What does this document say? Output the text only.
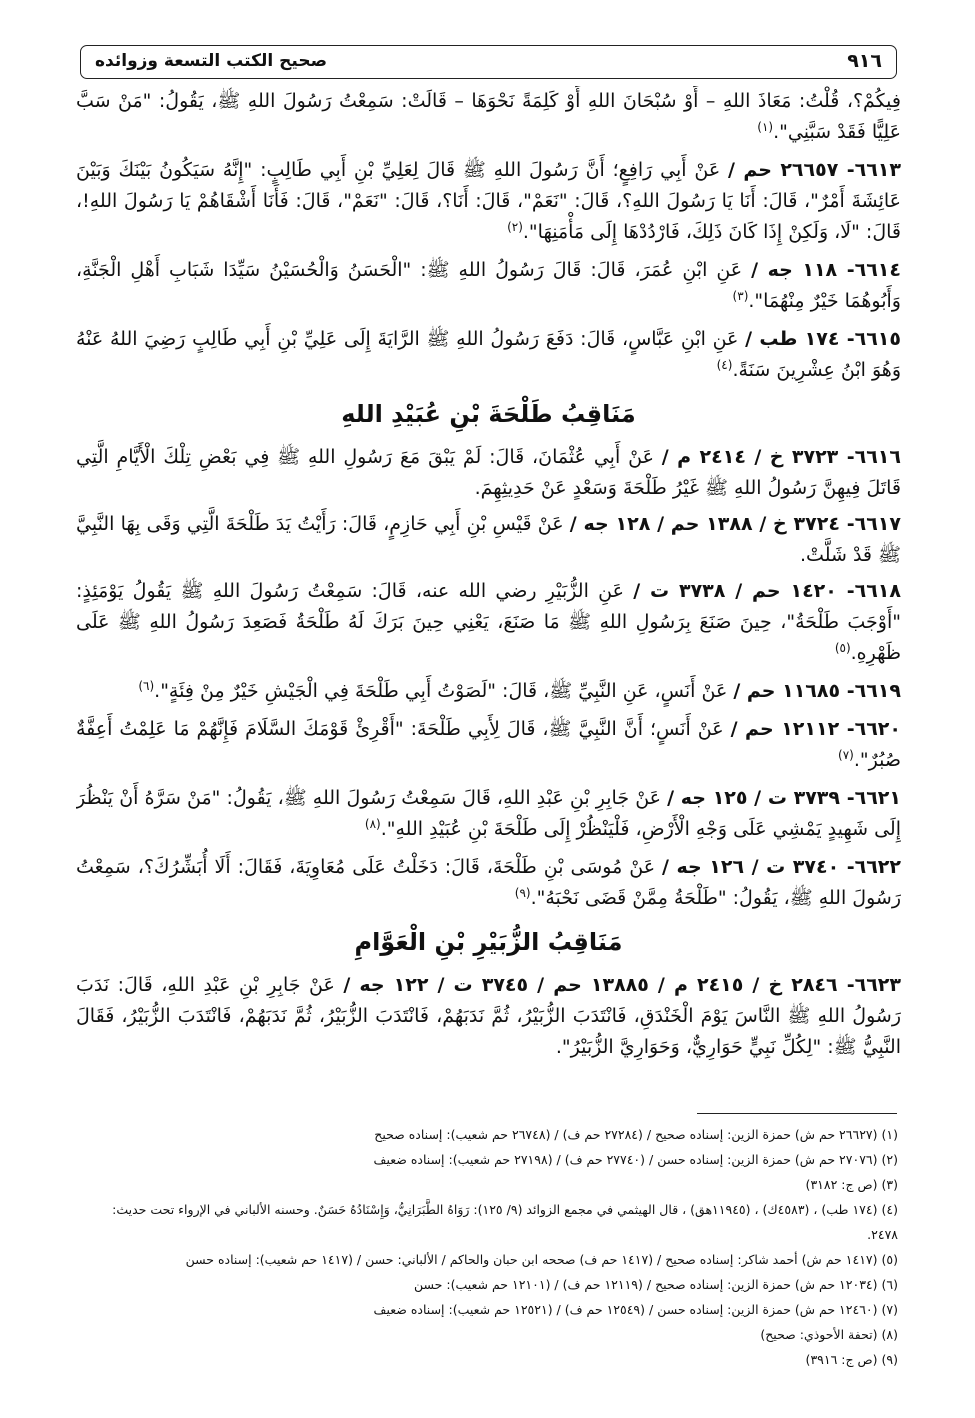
صحيح الكتب التسعة وزوائده	٩١٦

فِيكُمْ؟، قُلْتُ: مَعَاذَ اللهِ – أَوْ سُبْحَانَ اللهِ أَوْ كَلِمَةً نَحْوَهَا – قَالَتْ: سَمِعْتُ رَسُولَ اللهِ ﷺ، يَقُولُ: "مَنْ سَبَّ عَلِيًّا فَقَدْ سَبَّنِي".$^{(١)}$

٦٦١٣- ٢٦٦٥٧ حم / عَنْ أَبِي رَافِعٍ؛ أَنَّ رَسُولَ اللهِ ﷺ قَالَ لِعَلِيِّ بْنِ أَبِي طَالِبٍ: "إِنَّهُ سَيَكُونُ بَيْنَكَ وَبَيْنَ عَائِشَةَ أَمْرٌ"، قَالَ: أَنَا يَا رَسُولَ اللهِ؟، قَالَ: "نَعَمْ"، قَالَ: أَنَا؟، قَالَ: "نَعَمْ"، قَالَ: فَأَنَا أَشْقَاهُمْ يَا رَسُولَ اللهِ!، قَالَ: "لَا، وَلَكِنْ إِذَا كَانَ ذَلِكَ، فَارْدُدْهَا إِلَى مَأْمَنِهَا".$^{(٢)}$

٦٦١٤- ١١٨ جه / عَنِ ابْنِ عُمَرَ، قَالَ: قَالَ رَسُولُ اللهِ ﷺ: "الْحَسَنُ وَالْحُسَيْنُ سَيِّدَا شَبَابِ أَهْلِ الْجَنَّةِ، وَأَبُوهُمَا خَيْرٌ مِنْهُمَا".$^{(٣)}$

٦٦١٥- ١٧٤ طب / عَنِ ابْنِ عَبَّاسٍ، قَالَ: دَفَعَ رَسُولُ اللهِ ﷺ الرَّايَةَ إِلَى عَلِيِّ بْنِ أَبِي طَالِبٍ رَضِيَ اللهُ عَنْهُ وَهُوَ ابْنُ عِشْرِينَ سَنَةً.$^{(٤)}$

مَنَاقِبُ طَلْحَةَ بْنِ عُبَيْدِ اللهِ

٦٦١٦- ٣٧٢٣ خ / ٢٤١٤ م / عَنْ أَبِي عُثْمَانَ، قَالَ: لَمْ يَبْقَ مَعَ رَسُولِ اللهِ ﷺ فِي بَعْضِ تِلْكَ الْأَيَّامِ الَّتِي قَاتَلَ فِيهِنَّ رَسُولُ اللهِ ﷺ غَيْرُ طَلْحَةَ وَسَعْدٍ عَنْ حَدِيثِهِمَ.

٦٦١٧- ٣٧٢٤ خ / ١٣٨٨ حم / ١٢٨ جه / عَنْ قَيْسِ بْنِ أَبِي حَازِمٍ، قَالَ: رَأَيْتُ يَدَ طَلْحَةَ الَّتِي وَقَى بِهَا النَّبِيَّ ﷺ قَدْ شَلَّتْ.

٦٦١٨- ١٤٢٠ حم / ٣٧٣٨ ت / عَنِ الزُّبَيْرِ رضي الله عنه، قَالَ: سَمِعْتُ رَسُولَ اللهِ ﷺ يَقُولُ يَوْمَئِذٍ: "أَوْجَبَ طَلْحَةُ"، حِينَ صَنَعَ بِرَسُولِ اللهِ ﷺ مَا صَنَعَ، يَعْنِي حِينَ بَرَكَ لَهُ طَلْحَةُ فَصَعِدَ رَسُولُ اللهِ ﷺ عَلَى ظَهْرِهِ.$^{(٥)}$

٦٦١٩- ١١٦٨٥ حم / عَنْ أَنَسٍ، عَنِ النَّبِيِّ ﷺ، قَالَ: "لَصَوْتُ أَبِي طَلْحَةَ فِي الْجَيْشِ خَيْرٌ مِنْ فِئَةٍ".$^{(٦)}$

٦٦٢٠- ١٢١١٢ حم / عَنْ أَنَسٍ؛ أَنَّ النَّبِيَّ ﷺ، قَالَ لِأَبِي طَلْحَةَ: "أَقْرِئْ قَوْمَكَ السَّلَامَ فَإِنَّهُمْ مَا عَلِمْتُ أَعِفَّةٌ صُبُرٌ".$^{(٧)}$

٦٦٢١- ٣٧٣٩ ت / ١٢٥ جه / عَنْ جَابِرِ بْنِ عَبْدِ اللهِ، قَالَ سَمِعْتُ رَسُولَ اللهِ ﷺ، يَقُولُ: "مَنْ سَرَّهُ أَنْ يَنْظُرَ إِلَى شَهِيدٍ يَمْشِي عَلَى وَجْهِ الْأَرْضِ، فَلْيَنْظُرْ إِلَى طَلْحَةَ بْنِ عُبَيْدِ اللهِ".$^{(٨)}$

٦٦٢٢- ٣٧٤٠ ت / ١٢٦ جه / عَنْ مُوسَى بْنِ طَلْحَةَ، قَالَ: دَخَلْتُ عَلَى مُعَاوِيَةَ، فَقَالَ: أَلَا أُبَشِّرُكَ؟، سَمِعْتُ رَسُولَ اللهِ ﷺ، يَقُولُ: "طَلْحَةُ مِمَّنْ قَضَى نَحْبَهُ".$^{(٩)}$

مَنَاقِبُ الزُّبَيْرِ بْنِ الْعَوَّامِ

٦٦٢٣- ٢٨٤٦ خ / ٢٤١٥ م / ١٣٨٨٥ حم / ٣٧٤٥ ت / ١٢٢ جه / عَنْ جَابِرِ بْنِ عَبْدِ اللهِ، قَالَ: نَدَبَ رَسُولُ اللهِ ﷺ النَّاسَ يَوْمَ الْخَنْدَقِ، فَانْتَدَبَ الزُّبَيْرُ، ثُمَّ نَدَبَهُمْ، فَانْتَدَبَ الزُّبَيْرُ، ثُمَّ نَدَبَهُمْ، فَانْتَدَبَ الزُّبَيْرُ، فَقَالَ النَّبِيُّ ﷺ: "لِكُلِّ نَبِيٍّ حَوَارِيٌّ، وَحَوَارِيَّ الزُّبَيْرُ".

(١) (٢٦٦٢٧ حم ش) حمزة الزين: إسناده صحيح / (٢٧٢٨٤ حم ف) / (٢٦٧٤٨ حم شعيب): إسناده صحيح

(٢) (٢٧٠٧٦ حم ش) حمزة الزين: إسناده حسن / (٢٧٧٤٠ حم ف) / (٢٧١٩٨ حم شعيب): إسناده ضعيف

(٣) (ص ج: ٣١٨٢)

(٤) (١٧٤ طب) ، (٤٥٨٣ك) ، (١١٩٤٥هق) ، قال الهيثمي في مجمع الزوائد (٩/ ١٢٥): رَوَاهُ الطَّبَرَانِيُّ، وَإِسْنَادُهُ حَسَنٌ. وحسنه الألباني في الإرواء تحت حديث: ٢٤٧٨.

(٥) (١٤١٧ حم ش) أحمد شاكر: إسناده صحيح / (١٤١٧ حم ف) صححه ابن حبان والحاكم / الألباني: حسن / (١٤١٧ حم شعيب): إسناده حسن

(٦) (١٢٠٣٤ حم ش) حمزة الزين: إسناده صحيح / (١٢١١٩ حم ف) / (١٢١٠١ حم شعيب): حسن

(٧) (١٢٤٦٠ حم ش) حمزة الزين: إسناده حسن / (١٢٥٤٩ حم ف) / (١٢٥٢١ حم شعيب): إسناده ضعيف

(٨) (تحفة الأحوذي: صحيح)

(٩) (ص ج: ٣٩١٦)
